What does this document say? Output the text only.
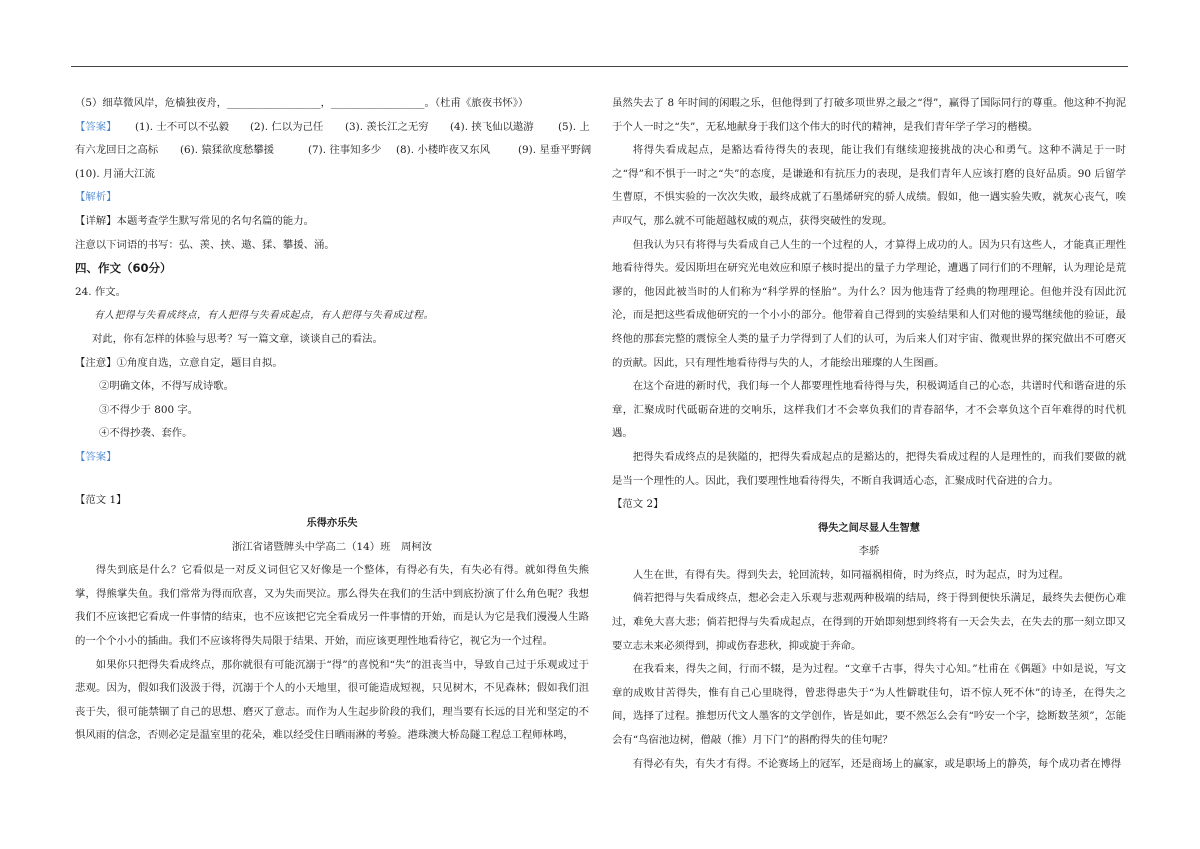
（5）细草微风岸，危樯独夜舟，__________________，__________________。（杜甫《旅夜书怀》）

【答案】 (1). 士不可以不弘毅 (2). 仁以为己任 (3). 羡长江之无穷 (4). 挟飞仙以遨游 (5). 上

有六龙回日之高标 (6). 猿猱欲度愁攀援	(7). 往事知多少 (8). 小楼昨夜又东风	(9). 星垂平野阔

(10). 月涌大江流

【解析】

【详解】本题考查学生默写常见的名句名篇的能力。

注意以下词语的书写：弘、羡、挟、遨、猱、攀援、涌。

四、作文（60分）

24. 作文。

有人把得与失看成终点，有人把得与失看成起点，有人把得与失看成过程。

对此，你有怎样的体验与思考？写一篇文章，谈谈自己的看法。

【注意】①角度自选，立意自定，题目自拟。

②明确文体，不得写成诗歌。

③不得少于 800 字。

④不得抄袭、套作。

【答案】

【范文 1】

乐得亦乐失

浙江省诸暨牌头中学高二（14）班　周柯汝

得失到底是什么？它看似是一对反义词但它又好像是一个整体，有得必有失，有失必有得。就如得鱼失熊掌，得熊掌失鱼。我们常常为得而欣喜，又为失而哭泣。那么得失在我们的生活中到底扮演了什么角色呢？我想我们不应该把它看成一件事情的结束，也不应该把它完全看成另一件事情的开始，而是认为它是我们漫漫人生路的一个个小小的插曲。我们不应该将得失局限于结果、开始，而应该更理性地看待它，视它为一个过程。

如果你只把得失看成终点，那你就很有可能沉溺于“得”的喜悦和“失”的沮丧当中，导致自己过于乐观或过于悲观。因为，假如我们汲汲于得，沉溺于个人的小天地里，很可能造成短视，只见树木，不见森林；假如我们沮丧于失，很可能禁锢了自己的思想、磨灭了意志。而作为人生起步阶段的我们，理当要有长远的目光和坚定的不惧风雨的信念，否则必定是温室里的花朵，难以经受住日晒雨淋的考验。港珠澳大桥岛隧工程总工程师林鸣，

虽然失去了 8 年时间的闲暇之乐，但他得到了打破多项世界之最之“得”，赢得了国际同行的尊重。他这种不拘泥于个人一时之“失”，无私地献身于我们这个伟大的时代的精神，是我们青年学子学习的楷模。

将得失看成起点，是豁达看待得失的表现，能让我们有继续迎接挑战的决心和勇气。这种不满足于一时之“得”和不惧于一时之“失”的态度，是谦逊和有抗压力的表现，是我们青年人应该打磨的良好品质。90 后留学生曹原，不惧实验的一次次失败，最终成就了石墨烯研究的骄人成绩。假如，他一遇实验失败，就灰心丧气，唉声叹气，那么就不可能超越权威的观点，获得突破性的发现。

但我认为只有将得与失看成自己人生的一个过程的人，才算得上成功的人。因为只有这些人，才能真正理性地看待得失。爱因斯坦在研究光电效应和原子核时提出的量子力学理论，遭遇了同行们的不理解，认为理论是荒谬的，他因此被当时的人们称为“科学界的怪胎”。为什么？因为他违背了经典的物理理论。但他并没有因此沉沦，而是把这些看成他研究的一个小小的部分。他带着自己得到的实验结果和人们对他的谩骂继续他的验证，最终他的那套完整的震惊全人类的量子力学得到了人们的认可，为后来人们对宇宙、微观世界的探究做出不可磨灭的贡献。因此，只有理性地看待得与失的人，才能绘出璀璨的人生图画。

在这个奋进的新时代，我们每一个人都要理性地看待得与失，积极调适自己的心态，共谱时代和谐奋进的乐章，汇聚成时代砥砺奋进的交响乐，这样我们才不会辜负我们的青春韶华，才不会辜负这个百年难得的时代机遇。

把得失看成终点的是狭隘的，把得失看成起点的是豁达的，把得失看成过程的人是理性的，而我们要做的就是当一个理性的人。因此，我们要理性地看待得失，不断自我调适心态，汇聚成时代奋进的合力。

【范文 2】

得失之间尽显人生智慧

李骄

人生在世，有得有失。得到失去，轮回流转，如同福祸相倚，时为终点，时为起点，时为过程。

倘若把得与失看成终点，想必会走入乐观与悲观两种极端的结局，终于得到便快乐满足，最终失去便伤心难过，难免大喜大悲；倘若把得与失看成起点，在得到的开始即刻想到终将有一天会失去，在失去的那一刻立即又要立志未来必须得到，抑或伤春悲秋，抑或旋于奔命。

在我看来，得失之间，行而不辍，是为过程。“文章千古事，得失寸心知。”杜甫在《偶题》中如是说，写文章的成败甘苦得失，惟有自己心里晓得，曾悲得患失于“为人性僻耽佳句，语不惊人死不休”的诗圣，在得失之间，选择了过程。推想历代文人墨客的文学创作，皆是如此，要不然怎么会有“吟安一个字，捻断数茎须”，怎能会有“鸟宿池边树，僧敲（推）月下门”的斟酌得失的佳句呢？

有得必有失，有失才有得。不论赛场上的冠军，还是商场上的赢家，或是职场上的静英，每个成功者在博得
